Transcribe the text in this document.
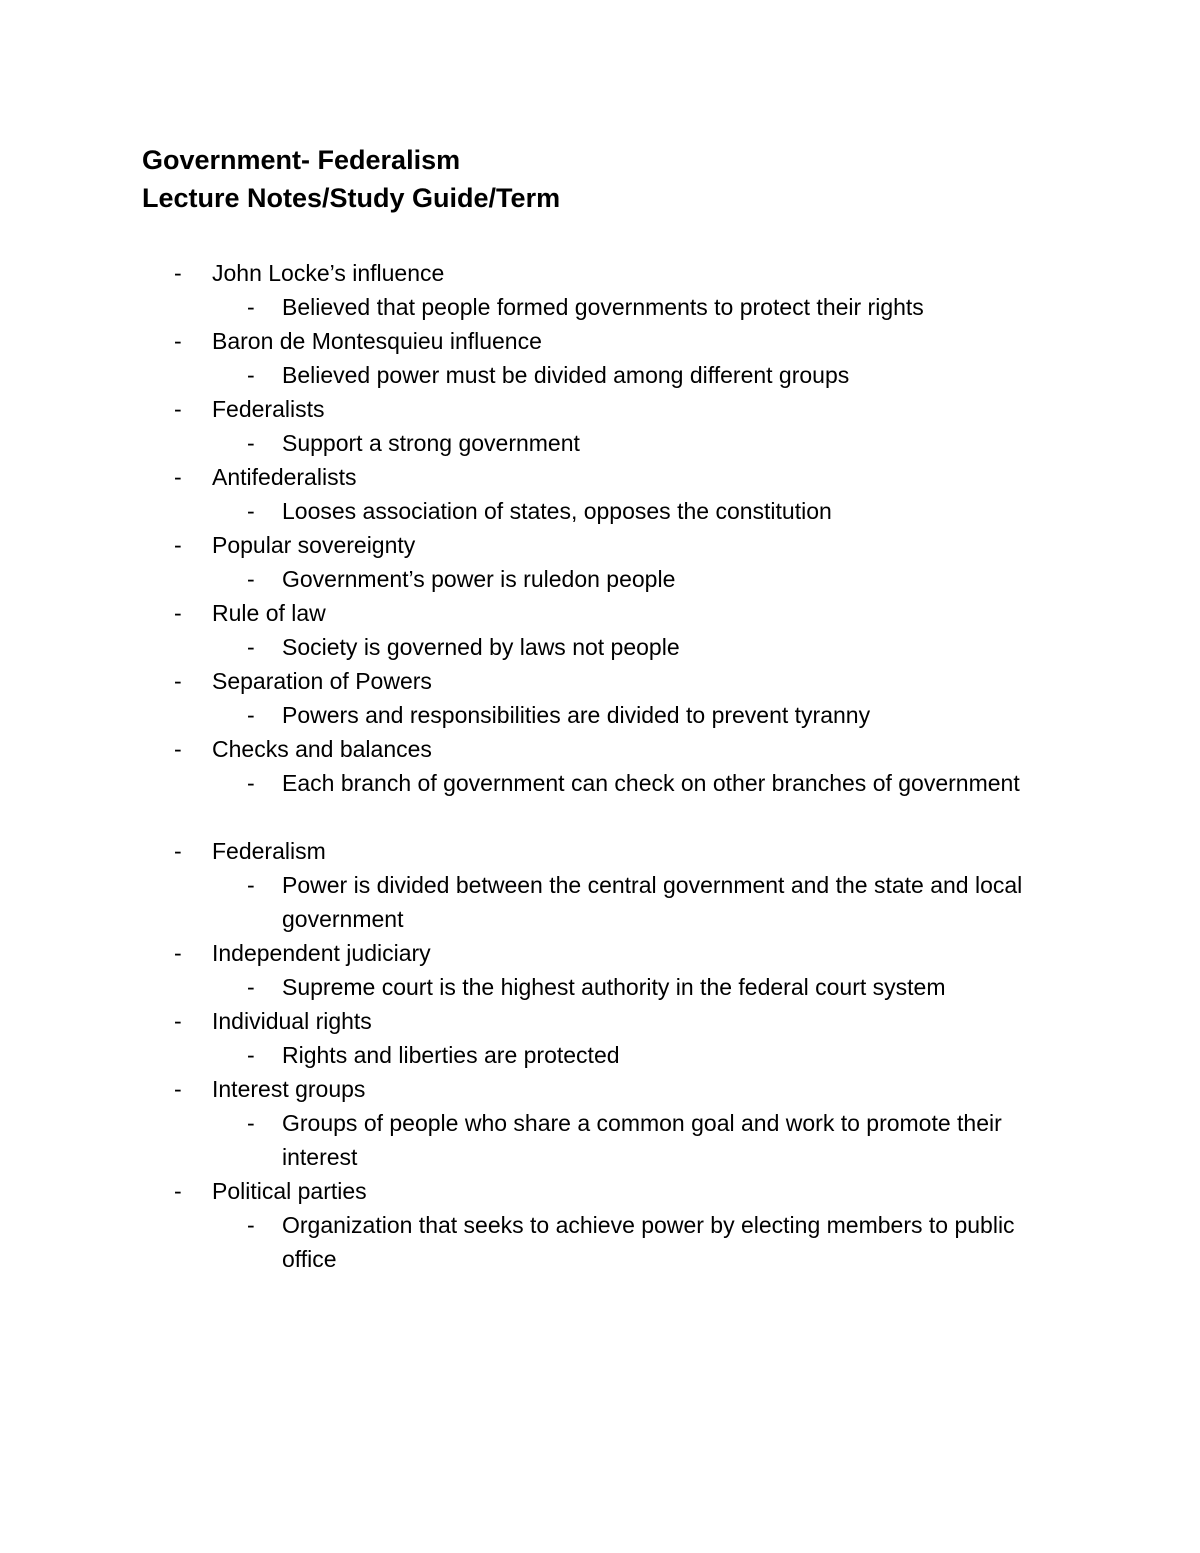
Government- Federalism
Lecture Notes/Study Guide/Term
-	John Locke’s influence
-	Believed that people formed governments to protect their rights
-	Baron de Montesquieu influence
-	Believed power must be divided among different groups
-	Federalists
-	Support a strong government
-	Antifederalists
-	Looses association of states, opposes the constitution
-	Popular sovereignty
-	Government’s power is ruledon people
-	Rule of law
-	Society is governed by laws not people
-	Separation of Powers
-	Powers and responsibilities are divided to prevent tyranny
-	Checks and balances
-	Each branch of government can check on other branches of government
-	Federalism
-	Power is divided between the central government and the state and local government
-	Independent judiciary
-	Supreme court is the highest authority in the federal court system
-	Individual rights
-	Rights and liberties are protected
-	Interest groups
-	Groups of people who share a common goal and work to promote their interest
-	Political parties
-	Organization that seeks to achieve power by electing members to public office
